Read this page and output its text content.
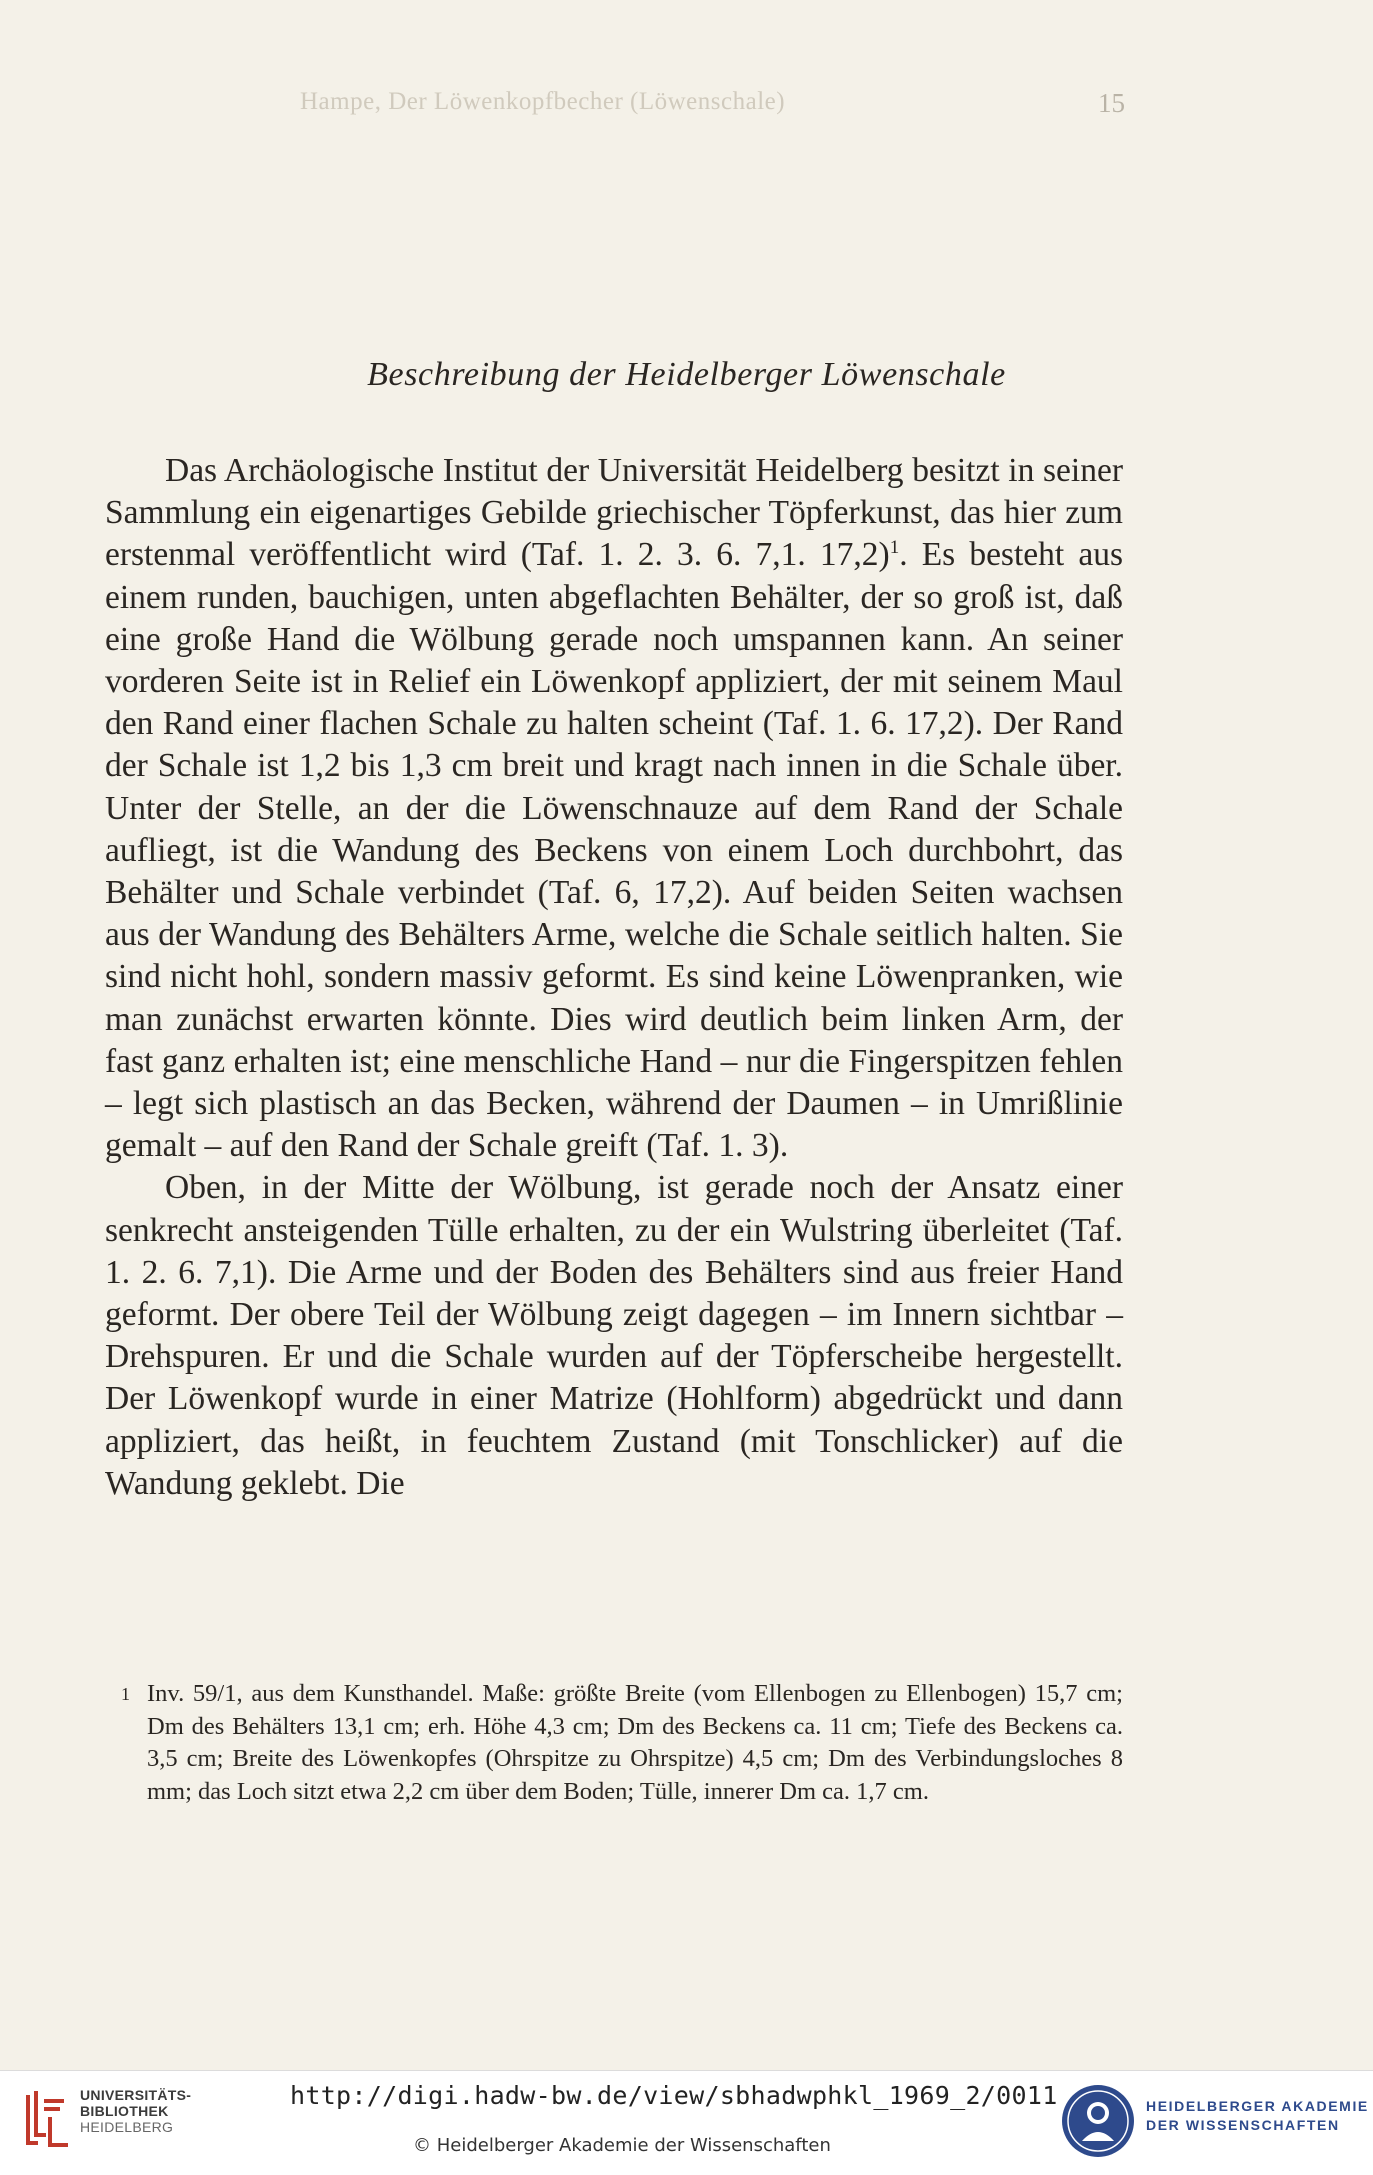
Hampe, Der Löwenkopfbecher (Löwenschale)	15
Beschreibung der Heidelberger Löwenschale

Das Archäologische Institut der Universität Heidelberg besitzt in seiner Sammlung ein eigenartiges Gebilde griechischer Töpferkunst, das hier zum erstenmal veröffentlicht wird (Taf. 1. 2. 3. 6. 7,1. 17,2)$^1$. Es besteht aus einem runden, bauchigen, unten abgeflachten Behälter, der so groß ist, daß eine große Hand die Wölbung gerade noch umspannen kann. An seiner vorderen Seite ist in Relief ein Löwenkopf appliziert, der mit seinem Maul den Rand einer flachen Schale zu halten scheint (Taf. 1. 6. 17,2). Der Rand der Schale ist 1,2 bis 1,3 cm breit und kragt nach innen in die Schale über. Unter der Stelle, an der die Löwenschnauze auf dem Rand der Schale aufliegt, ist die Wandung des Beckens von einem Loch durchbohrt, das Behälter und Schale verbindet (Taf. 6, 17,2). Auf beiden Seiten wachsen aus der Wandung des Behälters Arme, welche die Schale seitlich halten. Sie sind nicht hohl, sondern massiv geformt. Es sind keine Löwenpranken, wie man zunächst erwarten könnte. Dies wird deutlich beim linken Arm, der fast ganz erhalten ist; eine menschliche Hand – nur die Fingerspitzen fehlen – legt sich plastisch an das Becken, während der Daumen – in Umrißlinie gemalt – auf den Rand der Schale greift (Taf. 1. 3).

Oben, in der Mitte der Wölbung, ist gerade noch der Ansatz einer senkrecht ansteigenden Tülle erhalten, zu der ein Wulstring überleitet (Taf. 1. 2. 6. 7,1). Die Arme und der Boden des Behälters sind aus freier Hand geformt. Der obere Teil der Wölbung zeigt dagegen – im Innern sichtbar – Drehspuren. Er und die Schale wurden auf der Töpferscheibe hergestellt. Der Löwenkopf wurde in einer Matrize (Hohlform) abgedrückt und dann appliziert, das heißt, in feuchtem Zustand (mit Tonschlicker) auf die Wandung geklebt. Die

1 Inv. 59/1, aus dem Kunsthandel. Maße: größte Breite (vom Ellenbogen zu Ellenbogen) 15,7 cm; Dm des Behälters 13,1 cm; erh. Höhe 4,3 cm; Dm des Beckens ca. 11 cm; Tiefe des Beckens ca. 3,5 cm; Breite des Löwenkopfes (Ohrspitze zu Ohrspitze) 4,5 cm; Dm des Verbindungsloches 8 mm; das Loch sitzt etwa 2,2 cm über dem Boden; Tülle, innerer Dm ca. 1,7 cm.
UNIVERSITÄTS-
BIBLIOTHEK
HEIDELBERG
http://digi.hadw-bw.de/view/sbhadwphkl_1969_2/0011
© Heidelberger Akademie der Wissenschaften
HEIDELBERGER AKADEMIE
DER WISSENSCHAFTEN
